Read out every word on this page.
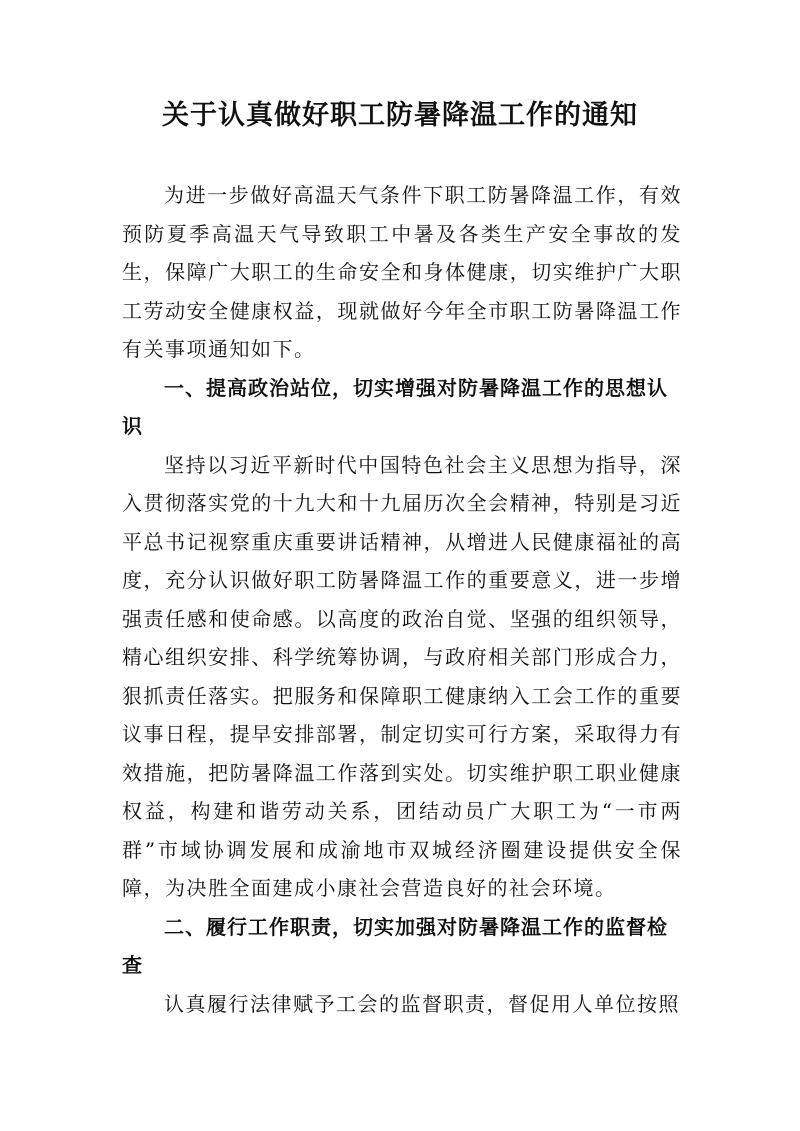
关于认真做好职工防暑降温工作的通知

为进一步做好高温天气条件下职工防暑降温工作，有效预防夏季高温天气导致职工中暑及各类生产安全事故的发生，保障广大职工的生命安全和身体健康，切实维护广大职工劳动安全健康权益，现就做好今年全市职工防暑降温工作有关事项通知如下。

一、提高政治站位，切实增强对防暑降温工作的思想认识

坚持以习近平新时代中国特色社会主义思想为指导，深入贯彻落实党的十九大和十九届历次全会精神，特别是习近平总书记视察重庆重要讲话精神，从增进人民健康福祉的高度，充分认识做好职工防暑降温工作的重要意义，进一步增强责任感和使命感。以高度的政治自觉、坚强的组织领导，精心组织安排、科学统筹协调，与政府相关部门形成合力，狠抓责任落实。把服务和保障职工健康纳入工会工作的重要议事日程，提早安排部署，制定切实可行方案，采取得力有效措施，把防暑降温工作落到实处。切实维护职工职业健康权益，构建和谐劳动关系，团结动员广大职工为“一市两群”市域协调发展和成渝地市双城经济圈建设提供安全保障，为决胜全面建成小康社会营造良好的社会环境。

二、履行工作职责，切实加强对防暑降温工作的监督检查

认真履行法律赋予工会的监督职责，督促用人单位按照
